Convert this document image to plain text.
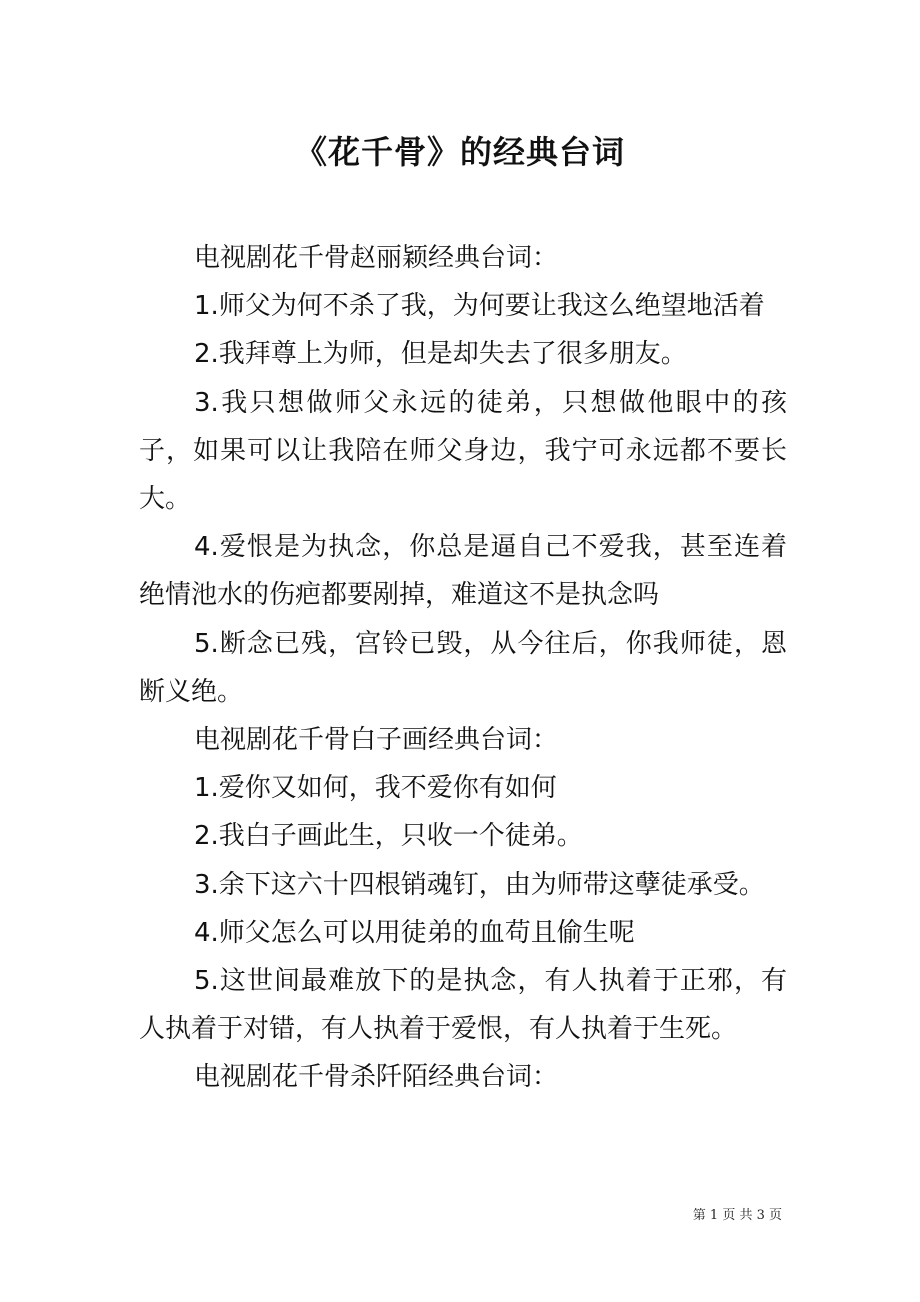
《花千骨》的经典台词

电视剧花千骨赵丽颖经典台词：

1.师父为何不杀了我，为何要让我这么绝望地活着

2.我拜尊上为师，但是却失去了很多朋友。

3.我只想做师父永远的徒弟，只想做他眼中的孩子，如果可以让我陪在师父身边，我宁可永远都不要长大。

4.爱恨是为执念，你总是逼自己不爱我，甚至连着绝情池水的伤疤都要剐掉，难道这不是执念吗

5.断念已残，宫铃已毁，从今往后，你我师徒，恩断义绝。

电视剧花千骨白子画经典台词：

1.爱你又如何，我不爱你有如何

2.我白子画此生，只收一个徒弟。

3.余下这六十四根销魂钉，由为师带这孽徒承受。

4.师父怎么可以用徒弟的血苟且偷生呢

5.这世间最难放下的是执念，有人执着于正邪，有人执着于对错，有人执着于爱恨，有人执着于生死。

电视剧花千骨杀阡陌经典台词：

第 1 页 共 3 页
